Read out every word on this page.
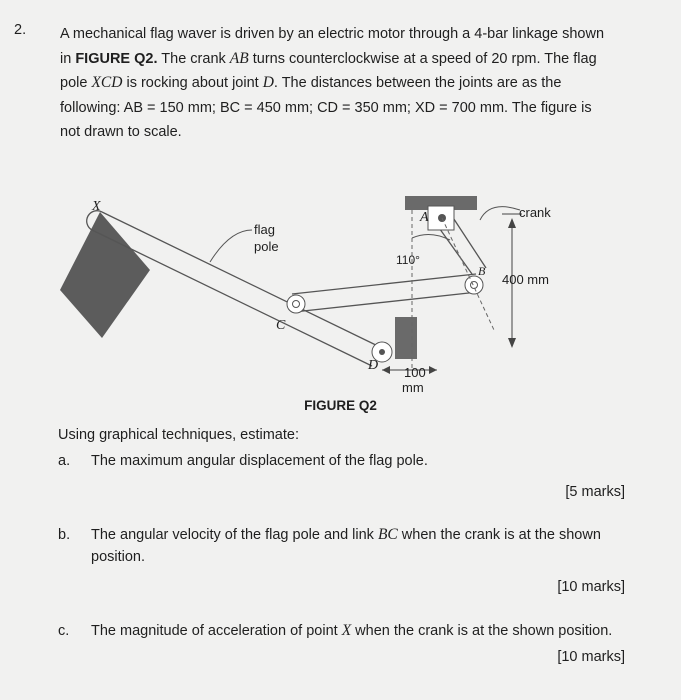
2. A mechanical flag waver is driven by an electric motor through a 4-bar linkage shown
in FIGURE Q2. The crank AB turns counterclockwise at a speed of 20 rpm. The flag
pole XCD is rocking about joint D. The distances between the joints are as the
following: AB = 150 mm; BC = 450 mm; CD = 350 mm; XD = 700 mm. The figure is
not drawn to scale.
X
flag
pole
A
B
C
D
crank
110°
400 mm
100
mm
FIGURE Q2
Using graphical techniques, estimate:
a. The maximum angular displacement of the flag pole.
[5 marks]
b. The angular velocity of the flag pole and link BC when the crank is at the shown
position.
[10 marks]
c. The magnitude of acceleration of point X when the crank is at the shown position.
[10 marks]
